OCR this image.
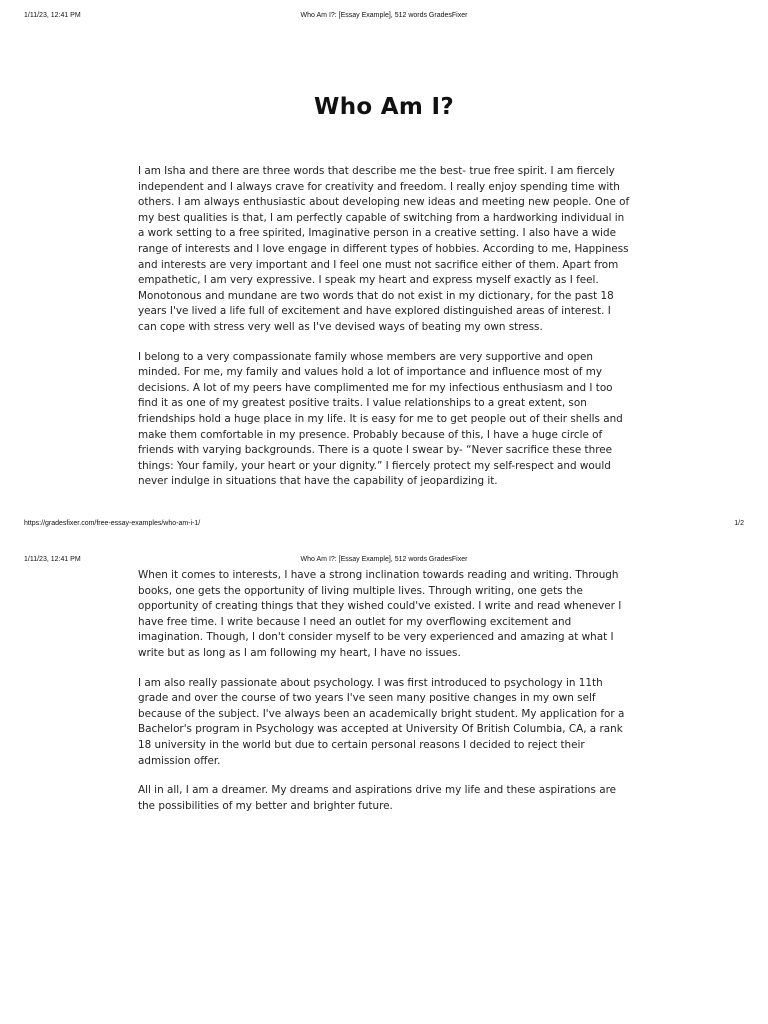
1/11/23, 12:41 PM	Who Am I?: [Essay Example], 512 words GradesFixer
Who Am I?

I am Isha and there are three words that describe me the best- true free spirit. I am fiercely independent and I always crave for creativity and freedom. I really enjoy spending time with others. I am always enthusiastic about developing new ideas and meeting new people. One of my best qualities is that, I am perfectly capable of switching from a hardworking individual in a work setting to a free spirited, Imaginative person in a creative setting. I also have a wide range of interests and I love engage in different types of hobbies. According to me, Happiness and interests are very important and I feel one must not sacrifice either of them. Apart from empathetic, I am very expressive. I speak my heart and express myself exactly as I feel. Monotonous and mundane are two words that do not exist in my dictionary, for the past 18 years I've lived a life full of excitement and have explored distinguished areas of interest. I can cope with stress very well as I've devised ways of beating my own stress.

I belong to a very compassionate family whose members are very supportive and open minded. For me, my family and values hold a lot of importance and influence most of my decisions. A lot of my peers have complimented me for my infectious enthusiasm and I too find it as one of my greatest positive traits. I value relationships to a great extent, son friendships hold a huge place in my life. It is easy for me to get people out of their shells and make them comfortable in my presence. Probably because of this, I have a huge circle of friends with varying backgrounds. There is a quote I swear by- “Never sacrifice these three things: Your family, your heart or your dignity.” I fiercely protect my self-respect and would never indulge in situations that have the capability of jeopardizing it.

https://gradesfixer.com/free-essay-examples/who-am-i-1/	1/2
1/11/23, 12:41 PM	Who Am I?: [Essay Example], 512 words GradesFixer

When it comes to interests, I have a strong inclination towards reading and writing. Through books, one gets the opportunity of living multiple lives. Through writing, one gets the opportunity of creating things that they wished could've existed. I write and read whenever I have free time. I write because I need an outlet for my overflowing excitement and imagination. Though, I don't consider myself to be very experienced and amazing at what I write but as long as I am following my heart, I have no issues.

I am also really passionate about psychology. I was first introduced to psychology in 11th grade and over the course of two years I've seen many positive changes in my own self because of the subject. I've always been an academically bright student. My application for a Bachelor's program in Psychology was accepted at University Of British Columbia, CA, a rank 18 university in the world but due to certain personal reasons I decided to reject their admission offer.

All in all, I am a dreamer. My dreams and aspirations drive my life and these aspirations are the possibilities of my better and brighter future.
